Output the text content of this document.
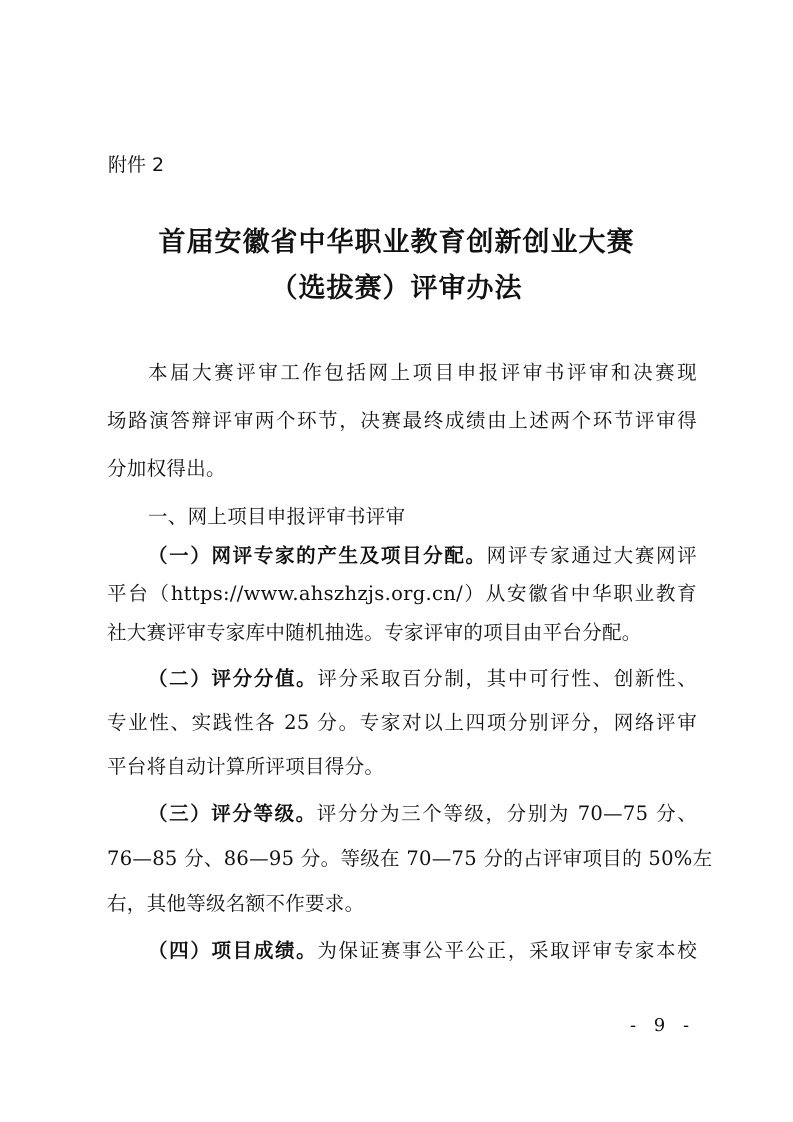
附件 2
首届安徽省中华职业教育创新创业大赛
（选拔赛）评审办法
本届大赛评审工作包括网上项目申报评审书评审和决赛现
场路演答辩评审两个环节，决赛最终成绩由上述两个环节评审得
分加权得出。
一、网上项目申报评审书评审
（一）网评专家的产生及项目分配。网评专家通过大赛网评
平台（https://www.ahszhzjs.org.cn/）从安徽省中华职业教育
社大赛评审专家库中随机抽选。专家评审的项目由平台分配。
（二）评分分值。评分采取百分制，其中可行性、创新性、
专业性、实践性各 25 分。专家对以上四项分别评分，网络评审
平台将自动计算所评项目得分。
（三）评分等级。评分分为三个等级，分别为 70—75 分、
76—85 分、86—95 分。等级在 70—75 分的占评审项目的 50%左
右，其他等级名额不作要求。
（四）项目成绩。为保证赛事公平公正，采取评审专家本校
- 9 -
